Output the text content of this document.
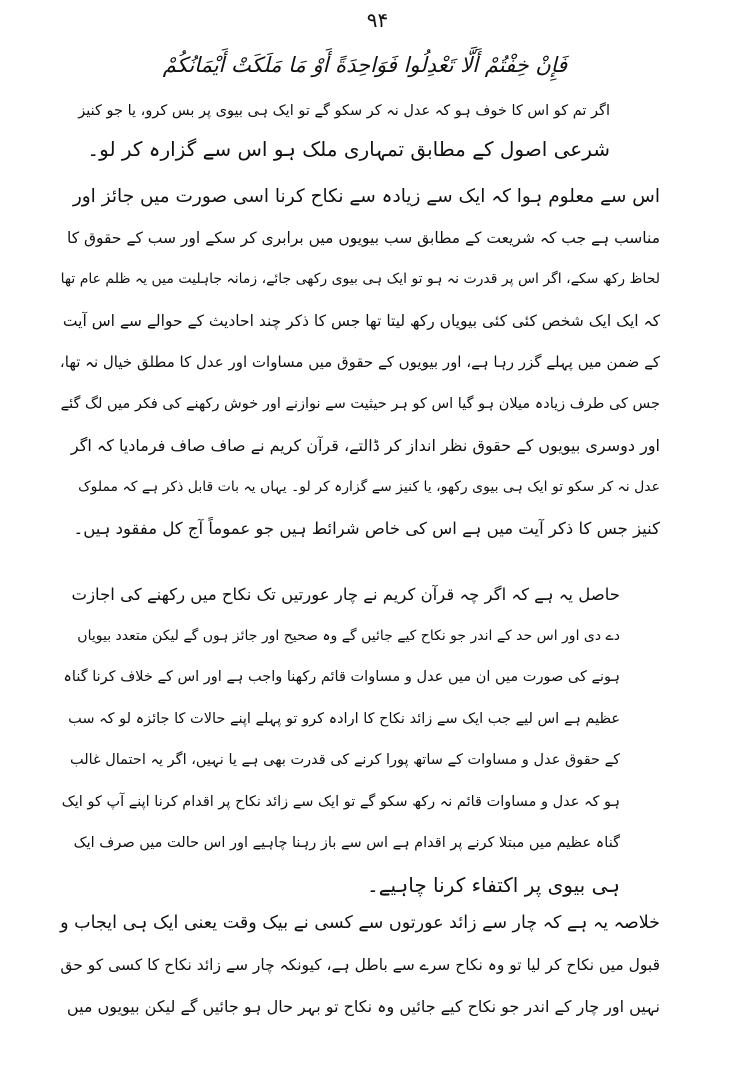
۹۴
فَإِنْ خِفْتُمْ أَلَّا تَعْدِلُوا فَوَاحِدَةً أَوْ مَا مَلَكَتْ أَيْمَانُكُمْ
اگر تم کو اس کا خوف ہو کہ عدل نہ کر سکو گے تو ایک ہی بیوی پر بس کرو، یا جو کنیز
شرعی اصول کے مطابق تمہاری ملک ہو اس سے گزارہ کر لو۔
اس سے معلوم ہوا کہ ایک سے زیادہ سے نکاح کرنا اسی صورت میں جائز اور
مناسب ہے جب کہ شریعت کے مطابق سب بیویوں میں برابری کر سکے اور سب کے حقوق کا
لحاظ رکھ سکے، اگر اس پر قدرت نہ ہو تو ایک ہی بیوی رکھی جائے، زمانہ جاہلیت میں یہ ظلم عام تھا
کہ ایک ایک شخص کئی کئی بیویاں رکھ لیتا تھا جس کا ذکر چند احادیث کے حوالے سے اس آیت
کے ضمن میں پہلے گزر رہا ہے، اور بیویوں کے حقوق میں مساوات اور عدل کا مطلق خیال نہ تھا،
جس کی طرف زیادہ میلان ہو گیا اس کو ہر حیثیت سے نوازنے اور خوش رکھنے کی فکر میں لگ گئے
اور دوسری بیویوں کے حقوق نظر انداز کر ڈالتے، قرآن کریم نے صاف صاف فرمادیا کہ اگر
عدل نہ کر سکو تو ایک ہی بیوی رکھو، یا کنیز سے گزارہ کر لو۔ یہاں یہ بات قابل ذکر ہے کہ مملوک
کنیز جس کا ذکر آیت میں ہے اس کی خاص شرائط ہیں جو عموماً آج کل مفقود ہیں۔
حاصل یہ ہے کہ اگر چہ قرآن کریم نے چار عورتیں تک نکاح میں رکھنے کی اجازت
دے دی اور اس حد کے اندر جو نکاح کیے جائیں گے وہ صحیح اور جائز ہوں گے لیکن متعدد بیویاں
ہونے کی صورت میں ان میں عدل و مساوات قائم رکھنا واجب ہے اور اس کے خلاف کرنا گناہ
عظیم ہے اس لیے جب ایک سے زائد نکاح کا ارادہ کرو تو پہلے اپنے حالات کا جائزہ لو کہ سب
کے حقوق عدل و مساوات کے ساتھ پورا کرنے کی قدرت بھی ہے یا نہیں، اگر یہ احتمال غالب
ہو کہ عدل و مساوات قائم نہ رکھ سکو گے تو ایک سے زائد نکاح پر اقدام کرنا اپنے آپ کو ایک
گناہ عظیم میں مبتلا کرنے پر اقدام ہے اس سے باز رہنا چاہیے اور اس حالت میں صرف ایک
ہی بیوی پر اکتفاء کرنا چاہیے۔
خلاصہ یہ ہے کہ چار سے زائد عورتوں سے کسی نے بیک وقت یعنی ایک ہی ایجاب و
قبول میں نکاح کر لیا تو وہ نکاح سرے سے باطل ہے، کیونکہ چار سے زائد نکاح کا کسی کو حق
نہیں اور چار کے اندر جو نکاح کیے جائیں وہ نکاح تو بہر حال ہو جائیں گے لیکن بیویوں میں
